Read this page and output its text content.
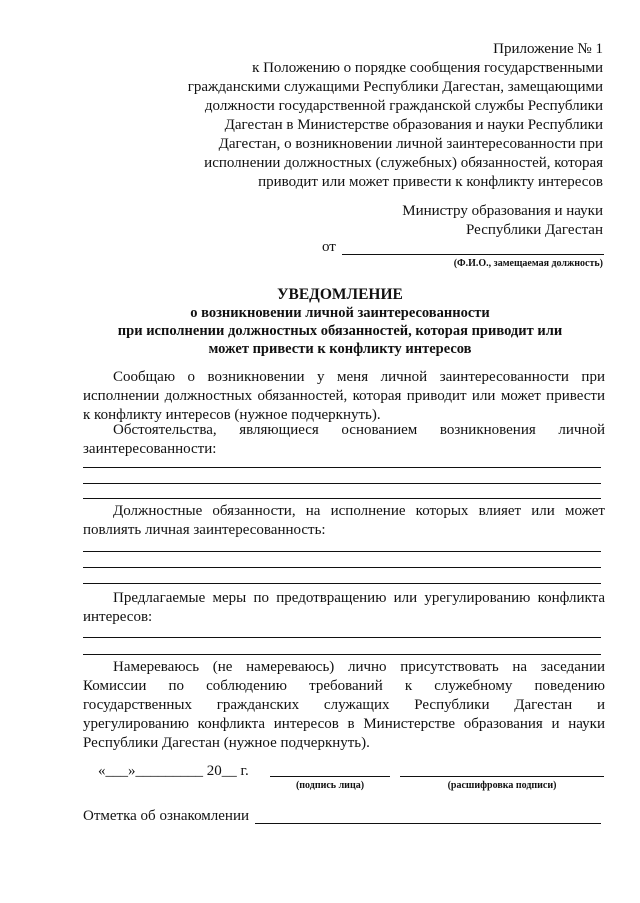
Приложение № 1
к Положению о порядке сообщения государственными
гражданскими служащими Республики Дагестан, замещающими
должности государственной гражданской службы Республики
Дагестан в Министерстве образования и науки Республики
Дагестан, о возникновении личной заинтересованности при
исполнении должностных (служебных) обязанностей, которая
приводит или может привести к конфликту интересов
Министру образования и науки
Республики Дагестан
от
(Ф.И.О., замещаемая должность)
УВЕДОМЛЕНИЕ
о возникновении личной заинтересованности
при исполнении должностных обязанностей, которая приводит или
может привести к конфликту интересов
Сообщаю о возникновении у меня личной заинтересованности при
исполнении должностных обязанностей, которая приводит или может привести
к конфликту интересов (нужное подчеркнуть).
Обстоятельства, являющиеся основанием возникновения личной
заинтересованности:
Должностные обязанности, на исполнение которых влияет или может
повлиять личная заинтересованность:
Предлагаемые меры по предотвращению или урегулированию конфликта
интересов:
Намереваюсь (не намереваюсь) лично присутствовать на заседании
Комиссии по соблюдению требований к служебному поведению
государственных гражданских служащих Республики Дагестан и
урегулированию конфликта интересов в Министерстве образования и науки
Республики Дагестан (нужное подчеркнуть).
«___»_________ 20__ г.
(подпись лица)	(расшифровка подписи)
Отметка об ознакомлении
